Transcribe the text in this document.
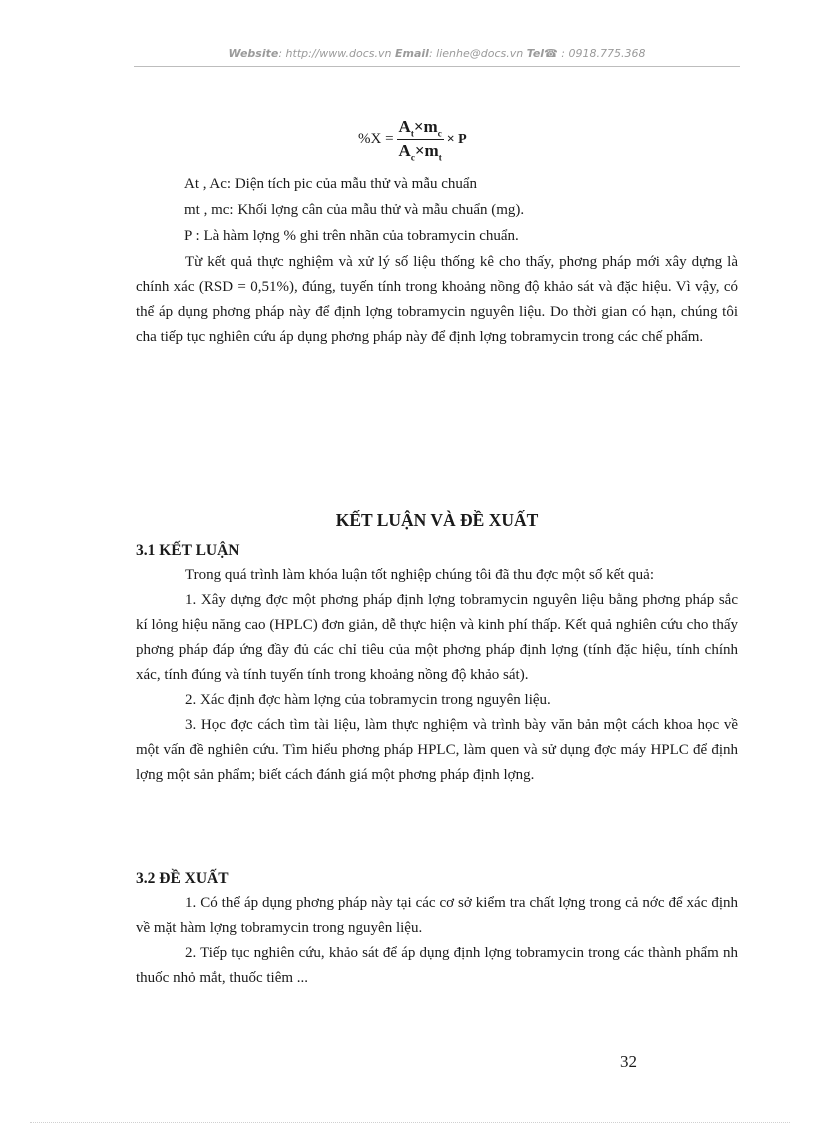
Website: http://www.docs.vn Email: lienhe@docs.vn Tel☎ : 0918.775.368
$\%X = \frac{A_t\times m_c}{A_c\times m_t} \times P$
At , Ac: Diện tích pic của mẫu thử và mẫu chuẩn
mt , mc: Khối lợng cân của mẫu thử và mẫu chuẩn (mg).
P : Là hàm lợng % ghi trên nhãn của tobramycin chuẩn.

Từ kết quả thực nghiệm và xử lý số liệu thống kê cho thấy, phơng pháp mới xây dựng là chính xác (RSD = 0,51%), đúng, tuyến tính trong khoảng nồng độ khảo sát và đặc hiệu. Vì vậy, có thể áp dụng phơng pháp này để định lợng tobramycin nguyên liệu. Do thời gian có hạn, chúng tôi cha tiếp tục nghiên cứu áp dụng phơng pháp này để định lợng tobramycin trong các chế phẩm.

KẾT LUẬN VÀ ĐỀ XUẤT
3.1 KẾT LUẬN

Trong quá trình làm khóa luận tốt nghiệp chúng tôi đã thu đợc một số kết quả:

1. Xây dựng đợc một phơng pháp định lợng tobramycin nguyên liệu bằng phơng pháp sắc kí lỏng hiệu năng cao (HPLC) đơn giản, dễ thực hiện và kinh phí thấp. Kết quả nghiên cứu cho thấy phơng pháp đáp ứng đầy đủ các chỉ tiêu của một phơng pháp định lợng (tính đặc hiệu, tính chính xác, tính đúng và tính tuyến tính trong khoảng nồng độ khảo sát).

2. Xác định đợc hàm lợng của tobramycin trong nguyên liệu.

3. Học đợc cách tìm tài liệu, làm thực nghiệm và trình bày văn bản một cách khoa học về một vấn đề nghiên cứu. Tìm hiểu phơng pháp HPLC, làm quen và sử dụng đợc máy HPLC để định lợng một sản phẩm; biết cách đánh giá một phơng pháp định lợng.

3.2 ĐỀ XUẤT

1. Có thể áp dụng phơng pháp này tại các cơ sở kiểm tra chất lợng trong cả nớc để xác định về mặt hàm lợng tobramycin trong nguyên liệu.

2. Tiếp tục nghiên cứu, khảo sát để áp dụng định lợng tobramycin trong các thành phẩm nh thuốc nhỏ mắt, thuốc tiêm ...

32
